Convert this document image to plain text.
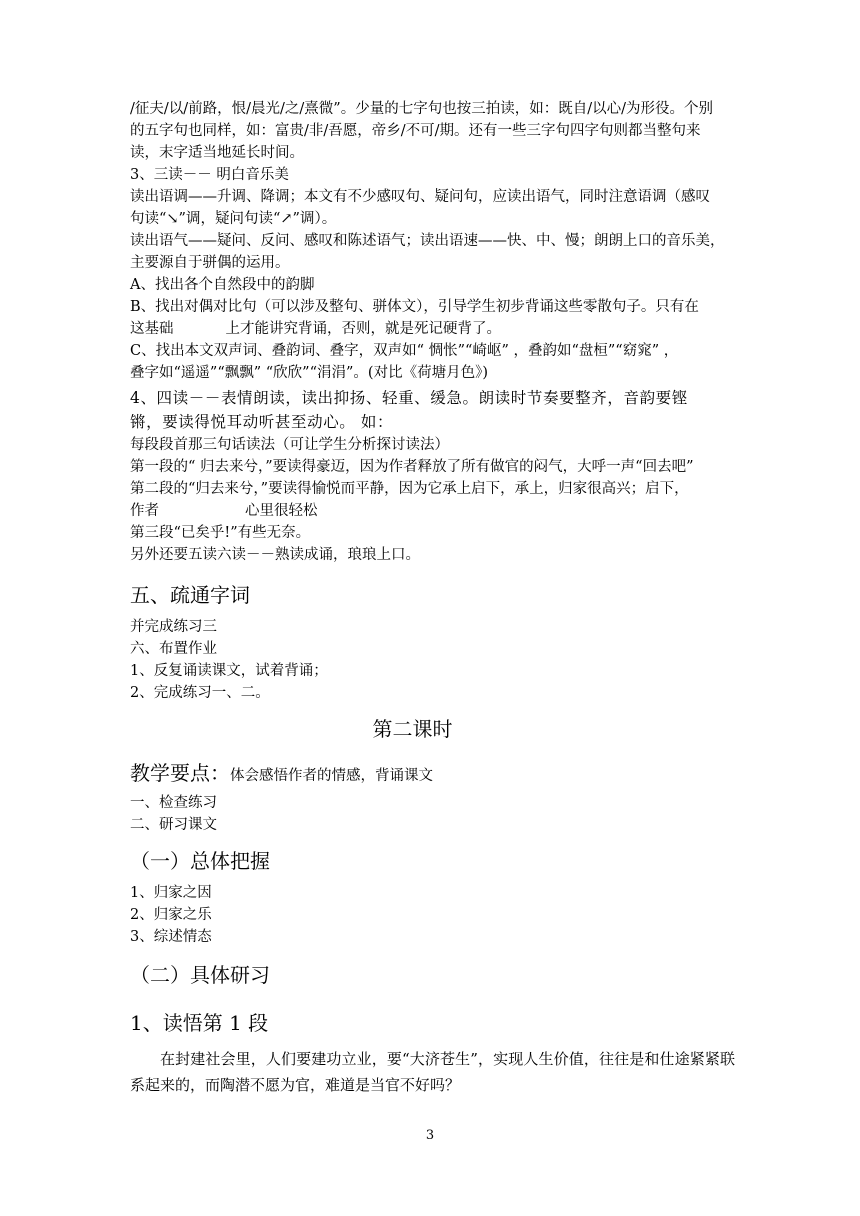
/征夫/以/前路，恨/晨光/之/熹微”。少量的七字句也按三拍读，如：既自/以心/为形役。个别
的五字句也同样，如：富贵/非/吾愿，帝乡/不可/期。还有一些三字句四字句则都当整句来
读，末字适当地延长时间。
3、三读－－ 明白音乐美
读出语调——升调、降调；本文有不少感叹句、疑问句，应读出语气，同时注意语调（感叹
句读“↘”调，疑问句读“↗”调）。
读出语气——疑问、反问、感叹和陈述语气；读出语速——快、中、慢；朗朗上口的音乐美，
主要源自于骈偶的运用。
A、找出各个自然段中的韵脚
B、找出对偶对比句（可以涉及整句、骈体文），引导学生初步背诵这些零散句子。只有在
这基础	上才能讲究背诵，否则，就是死记硬背了。
C、找出本文双声词、叠韵词、叠字，双声如“ 惆怅”“崎岖” ，叠韵如“盘桓”“窈窕” ，
叠字如“遥遥”“飘飘” “欣欣”“涓涓”。(对比《荷塘月色》)
4、四读－－表情朗读，读出抑扬、轻重、缓急。朗读时节奏要整齐，音韵要铿
锵，要读得悦耳动听甚至动心。 如：
每段段首那三句话读法（可让学生分析探讨读法）
第一段的“ 归去来兮，”要读得豪迈，因为作者释放了所有做官的闷气，大呼一声“回去吧”
第二段的“归去来兮，”要读得愉悦而平静，因为它承上启下，承上，归家很高兴；启下，
作者	心里很轻松
第三段“已矣乎!”有些无奈。
另外还要五读六读－－熟读成诵，琅琅上口。
五、疏通字词
并完成练习三
六、布置作业
1、反复诵读课文，试着背诵；
2、完成练习一、二。
第二课时
教学要点：体会感悟作者的情感，背诵课文
一、检查练习
二、研习课文
（一）总体把握
1、归家之因
2、归家之乐
3、综述情态
（二）具体研习
1、读悟第 1 段
在封建社会里，人们要建功立业，要“大济苍生”，实现人生价值，往往是和仕途紧紧联系起来的，而陶潜不愿为官，难道是当官不好吗？
3
